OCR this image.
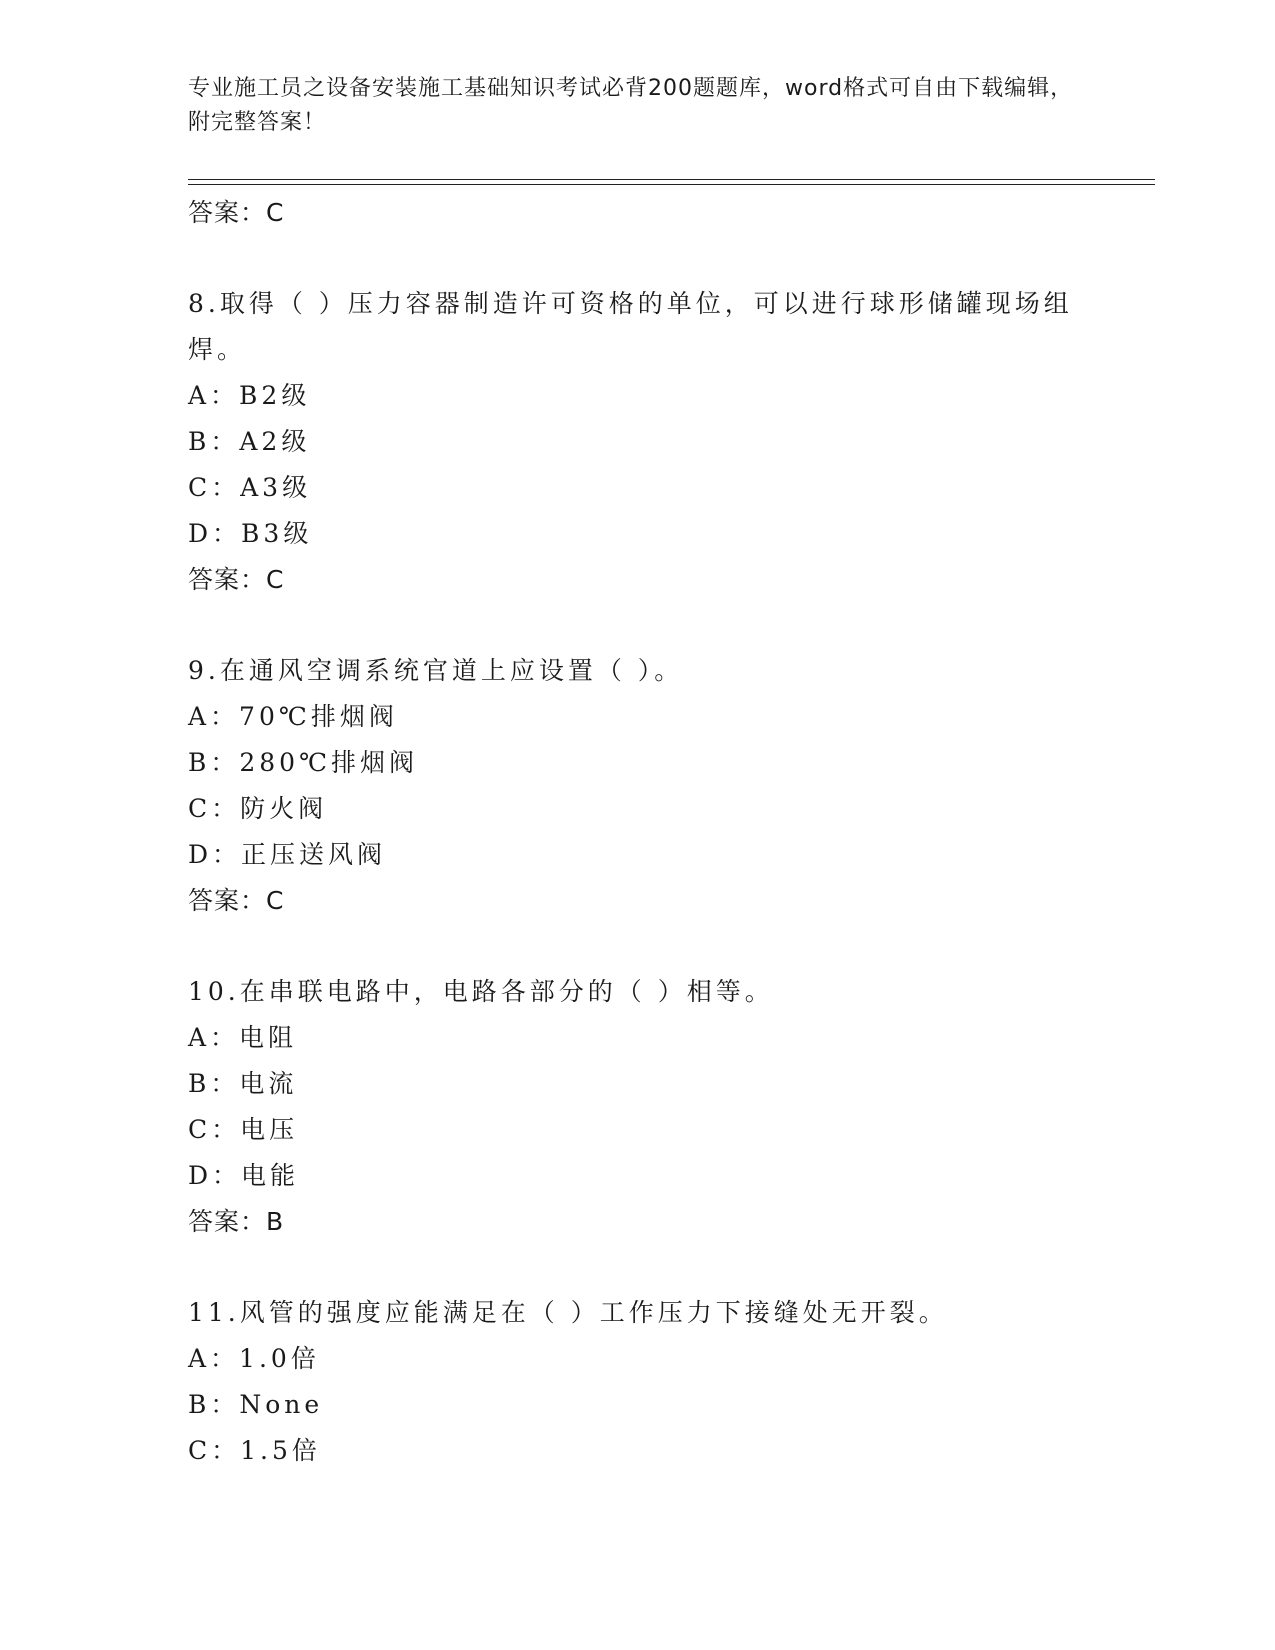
专业施工员之设备安装施工基础知识考试必背200题题库，word格式可自由下载编辑，附完整答案！
答案：C
8.取得（ ）压力容器制造许可资格的单位，可以进行球形储罐现场组焊。
A：B2级
B：A2级
C：A3级
D：B3级
答案：C
9.在通风空调系统官道上应设置（ ）。
A：70℃排烟阀
B：280℃排烟阀
C：防火阀
D：正压送风阀
答案：C
10.在串联电路中，电路各部分的（ ）相等。
A：电阻
B：电流
C：电压
D：电能
答案：B
11.风管的强度应能满足在（ ）工作压力下接缝处无开裂。
A：1.0倍
B：None
C：1.5倍
